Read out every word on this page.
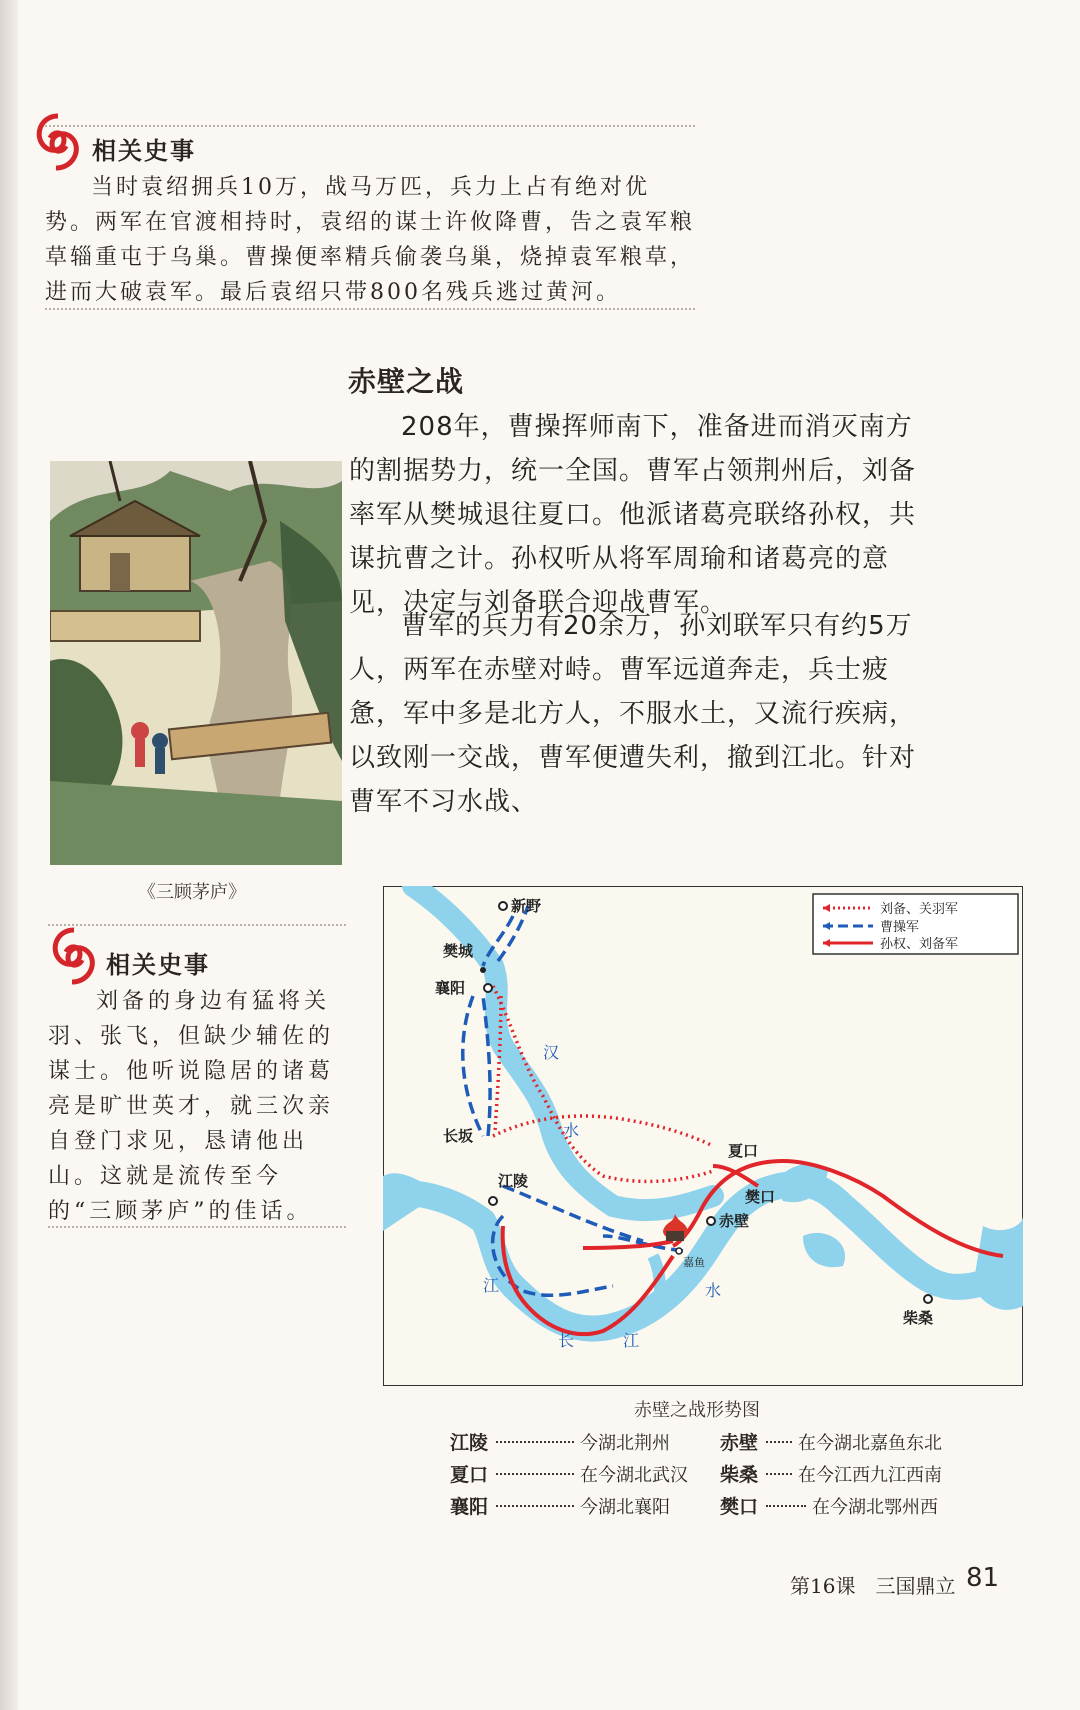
相关史事

当时袁绍拥兵10万，战马万匹，兵力上占有绝对优势。两军在官渡相持时，袁绍的谋士许攸降曹，告之袁军粮草辎重屯于乌巢。曹操便率精兵偷袭乌巢，烧掉袁军粮草，进而大破袁军。最后袁绍只带800名残兵逃过黄河。

赤壁之战

208年，曹操挥师南下，准备进而消灭南方的割据势力，统一全国。曹军占领荆州后，刘备率军从樊城退往夏口。他派诸葛亮联络孙权，共谋抗曹之计。孙权听从将军周瑜和诸葛亮的意见，决定与刘备联合迎战曹军。

曹军的兵力有20余万，孙刘联军只有约5万人，两军在赤壁对峙。曹军远道奔走，兵士疲惫，军中多是北方人，不服水土，又流行疾病，以致刚一交战，曹军便遭失利，撤到江北。针对曹军不习水战、

《三顾茅庐》
相关史事

刘备的身边有猛将关羽、张飞，但缺少辅佐的谋士。他听说隐居的诸葛亮是旷世英才，就三次亲自登门求见，恳请他出山。这就是流传至今的“三顾茅庐”的佳话。

刘备、关羽军
曹操军
孙权、刘备军
新野
樊城
襄阳
长坂
江陵
夏口
樊口
赤壁
嘉鱼
柴桑
汉
水
江	水
长	江
赤壁之战形势图
江陵	今湖北荆州
夏口	在今湖北武汉
襄阳	今湖北襄阳
赤壁 在今湖北嘉鱼东北
柴桑 在今江西九江西南
樊口	在今湖北鄂州西
第16课　三国鼎立 81
